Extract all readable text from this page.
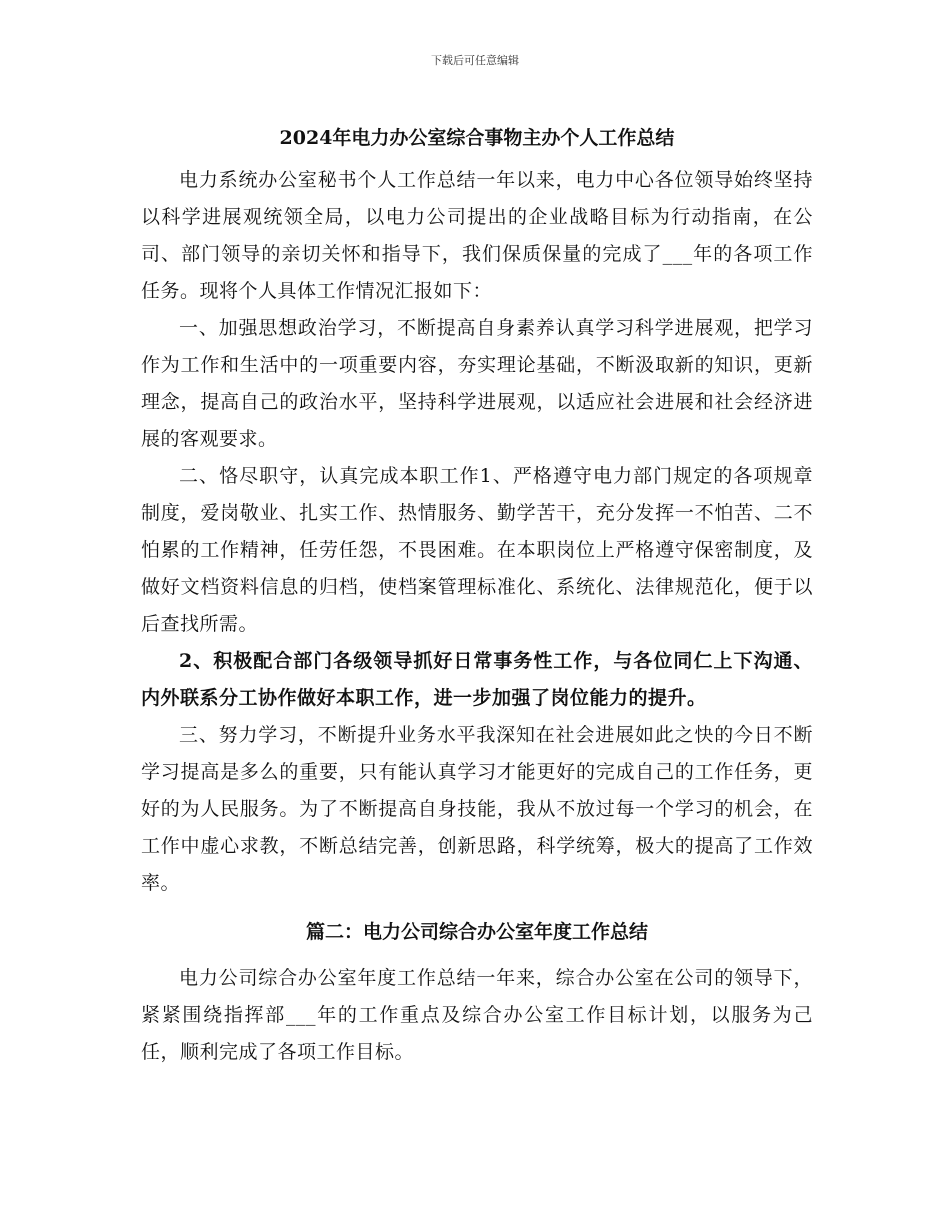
下载后可任意编辑
2024年电力办公室综合事物主办个人工作总结

电力系统办公室秘书个人工作总结一年以来，电力中心各位领导始终坚持以科学进展观统领全局，以电力公司提出的企业战略目标为行动指南，在公司、部门领导的亲切关怀和指导下，我们保质保量的完成了___年的各项工作任务。现将个人具体工作情况汇报如下：

一、加强思想政治学习，不断提高自身素养认真学习科学进展观，把学习作为工作和生活中的一项重要内容，夯实理论基础，不断汲取新的知识，更新理念，提高自己的政治水平，坚持科学进展观，以适应社会进展和社会经济进展的客观要求。

二、恪尽职守，认真完成本职工作1、严格遵守电力部门规定的各项规章制度，爱岗敬业、扎实工作、热情服务、勤学苦干，充分发挥一不怕苦、二不怕累的工作精神，任劳任怨，不畏困难。在本职岗位上严格遵守保密制度，及做好文档资料信息的归档，使档案管理标准化、系统化、法律规范化，便于以后查找所需。

2、积极配合部门各级领导抓好日常事务性工作，与各位同仁上下沟通、内外联系分工协作做好本职工作，进一步加强了岗位能力的提升。

三、努力学习，不断提升业务水平我深知在社会进展如此之快的今日不断学习提高是多么的重要，只有能认真学习才能更好的完成自己的工作任务，更好的为人民服务。为了不断提高自身技能，我从不放过每一个学习的机会，在工作中虚心求教，不断总结完善，创新思路，科学统筹，极大的提高了工作效率。

篇二：电力公司综合办公室年度工作总结

电力公司综合办公室年度工作总结一年来，综合办公室在公司的领导下，紧紧围绕指挥部___年的工作重点及综合办公室工作目标计划，以服务为己任，顺利完成了各项工作目标。
